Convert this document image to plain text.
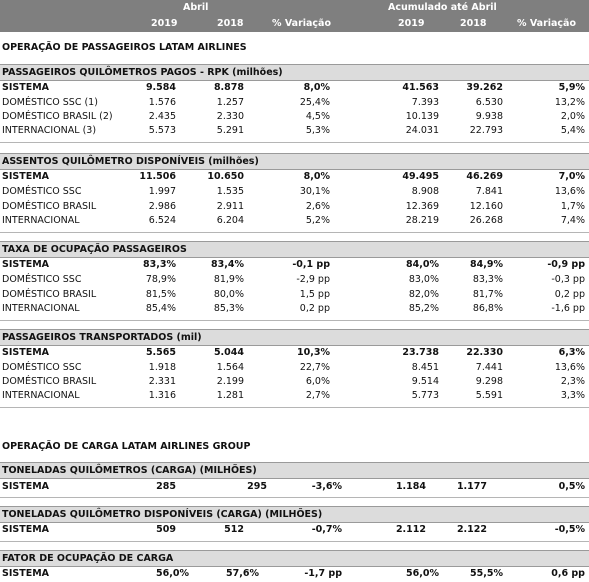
Abril	Acumulado até Abril
2019	2018	% Variação	2019	2018	% Variação
OPERAÇÃO DE PASSAGEIROS LATAM AIRLINES
OPERAÇÃO DE CARGA LATAM AIRLINES GROUP
PASSAGEIROS QUILÔMETROS PAGOS - RPK (milhões)
SISTEMA	9.584	8.878	8,0%	41.563	39.262	5,9%
DOMÉSTICO SSC (1)	1.576	1.257	25,4%	7.393	6.530	13,2%
DOMÉSTICO BRASIL (2)	2.435	2.330	4,5%	10.139	9.938	2,0%
INTERNACIONAL (3)	5.573	5.291	5,3%	24.031	22.793	5,4%
ASSENTOS QUILÔMETRO DISPONÍVEIS (milhões)
SISTEMA	11.506	10.650	8,0%	49.495	46.269	7,0%
DOMÉSTICO SSC	1.997	1.535	30,1%	8.908	7.841	13,6%
DOMÉSTICO BRASIL	2.986	2.911	2,6%	12.369	12.160	1,7%
INTERNACIONAL	6.524	6.204	5,2%	28.219	26.268	7,4%
TAXA DE OCUPAÇÃO PASSAGEIROS
SISTEMA	83,3%	83,4%	-0,1 pp	84,0%	84,9%	-0,9 pp
DOMÉSTICO SSC	78,9%	81,9%	-2,9 pp	83,0%	83,3%	-0,3 pp
DOMÉSTICO BRASIL	81,5%	80,0%	1,5 pp	82,0%	81,7%	0,2 pp
INTERNACIONAL	85,4%	85,3%	0,2 pp	85,2%	86,8%	-1,6 pp
PASSAGEIROS TRANSPORTADOS (mil)
SISTEMA	5.565	5.044	10,3%	23.738	22.330	6,3%
DOMÉSTICO SSC	1.918	1.564	22,7%	8.451	7.441	13,6%
DOMÉSTICO BRASIL	2.331	2.199	6,0%	9.514	9.298	2,3%
INTERNACIONAL	1.316	1.281	2,7%	5.773	5.591	3,3%
TONELADAS QUILÔMETROS (CARGA) (MILHÕES)
SISTEMA	285	295	-3,6%	1.184	1.177	0,5%
TONELADAS QUILÔMETRO DISPONÍVEIS (CARGA) (MILHÕES)
SISTEMA	509	512	-0,7%	2.112	2.122	-0,5%
FATOR DE OCUPAÇÃO DE CARGA
SISTEMA	56,0%	57,6%	-1,7 pp	56,0%	55,5%	0,6 pp
